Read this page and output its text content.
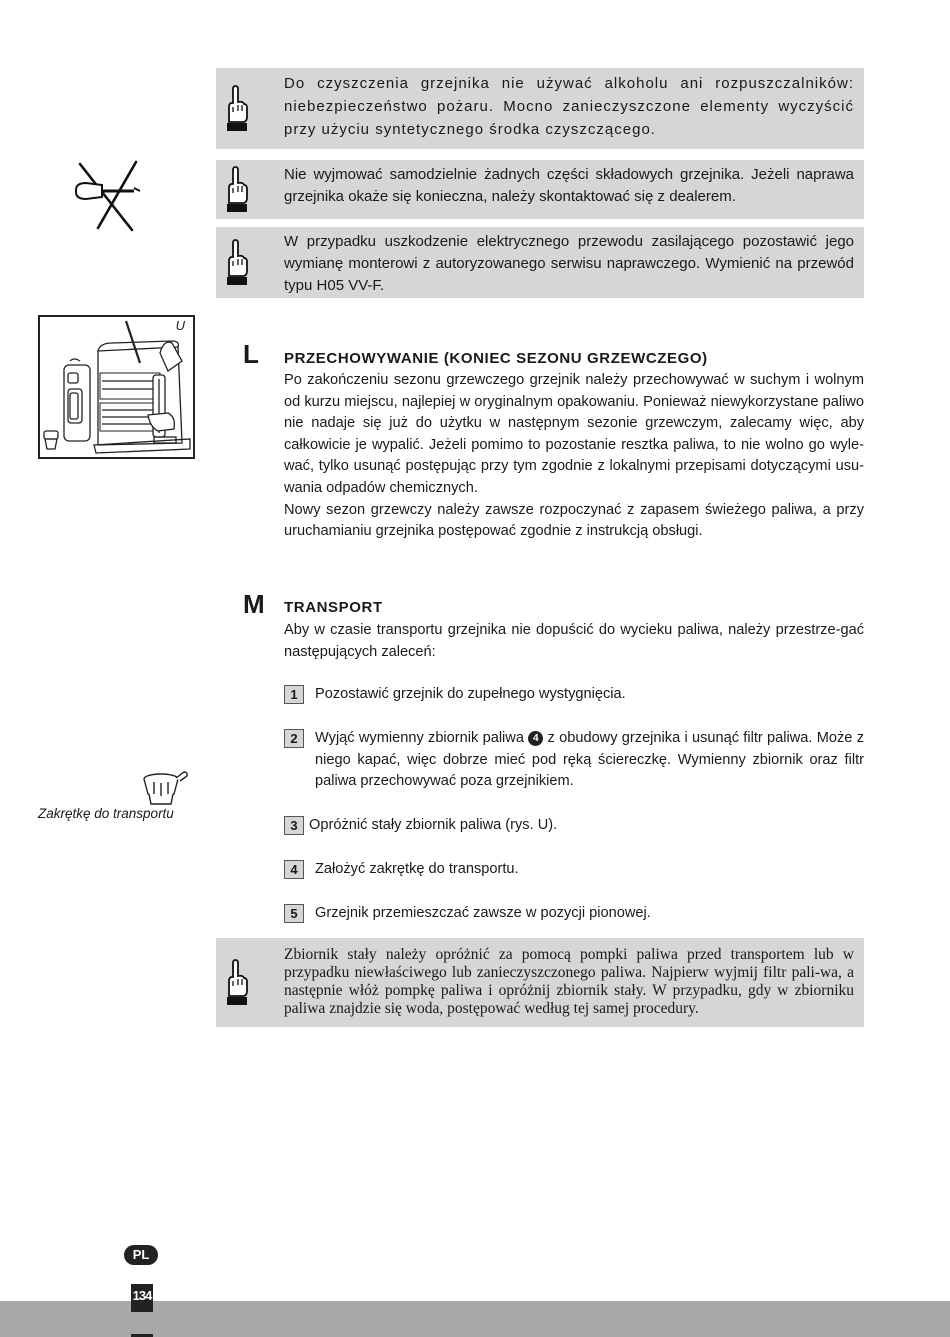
Do czyszczenia grzejnika nie używać alkoholu ani rozpuszczalników: niebezpieczeństwo pożaru. Mocno zanieczyszczone elementy wyczyścić przy użyciu syntetycznego środka czyszczącego.

Nie wyjmować samodzielnie żadnych części składowych grzejnika. Jeżeli naprawa grzejnika okaże się konieczna, należy skontaktować się z dealerem.

W przypadku uszkodzenie elektrycznego przewodu zasilającego pozostawić jego wymianę monterowi z autoryzowanego serwisu naprawczego. Wymienić na przewód typu H05 VV-F.

U
L PRZECHOWYWANIE (KONIEC SEZONU GRZEWCZEGO)

Po zakończeniu sezonu grzewczego grzejnik należy przechowywać w suchym i wolnym od kurzu miejscu, najlepiej w oryginalnym opakowaniu. Ponieważ niewykorzystane paliwo nie nadaje się już do użytku w następnym sezonie grzewczym, zalecamy więc, aby całkowicie je wypalić. Jeżeli pomimo to pozostanie resztka paliwa, to nie wolno go wyle-wać, tylko usunąć postępując przy tym zgodnie z lokalnymi przepisami dotyczącymi usu-wania odpadów chemicznych.

Nowy sezon grzewczy należy zawsze rozpoczynać z zapasem świeżego paliwa, a przy uruchamianiu grzejnika postępować zgodnie z instrukcją obsługi.

M TRANSPORT
Aby w czasie transportu grzejnika nie dopuścić do wycieku paliwa, należy przestrze-gać następujących zaleceń:
1	Pozostawić grzejnik do zupełnego wystygnięcia.
2	Wyjąć wymienny zbiornik paliwa 4 z obudowy grzejnika i usunąć filtr paliwa. Może z niego kapać, więc dobrze mieć pod ręką ściereczkę. Wymienny zbiornik oraz filtr paliwa przechowywać poza grzejnikiem.
3 Opróżnić stały zbiornik paliwa (rys. U).
4	Założyć zakrętkę do transportu.
5	Grzejnik przemieszczać zawsze w pozycji pionowej.
Zakrętkę do transportu

Zbiornik stały należy opróżnić za pomocą pompki paliwa przed transportem lub w przypadku niewłaściwego lub zanieczyszczonego paliwa. Najpierw wyjmij filtr pali-wa, a następnie włóż pompkę paliwa i opróżnij zbiornik stały. W przypadku, gdy w zbiorniku paliwa znajdzie się woda, postępować według tej samej procedury.

PL
134
